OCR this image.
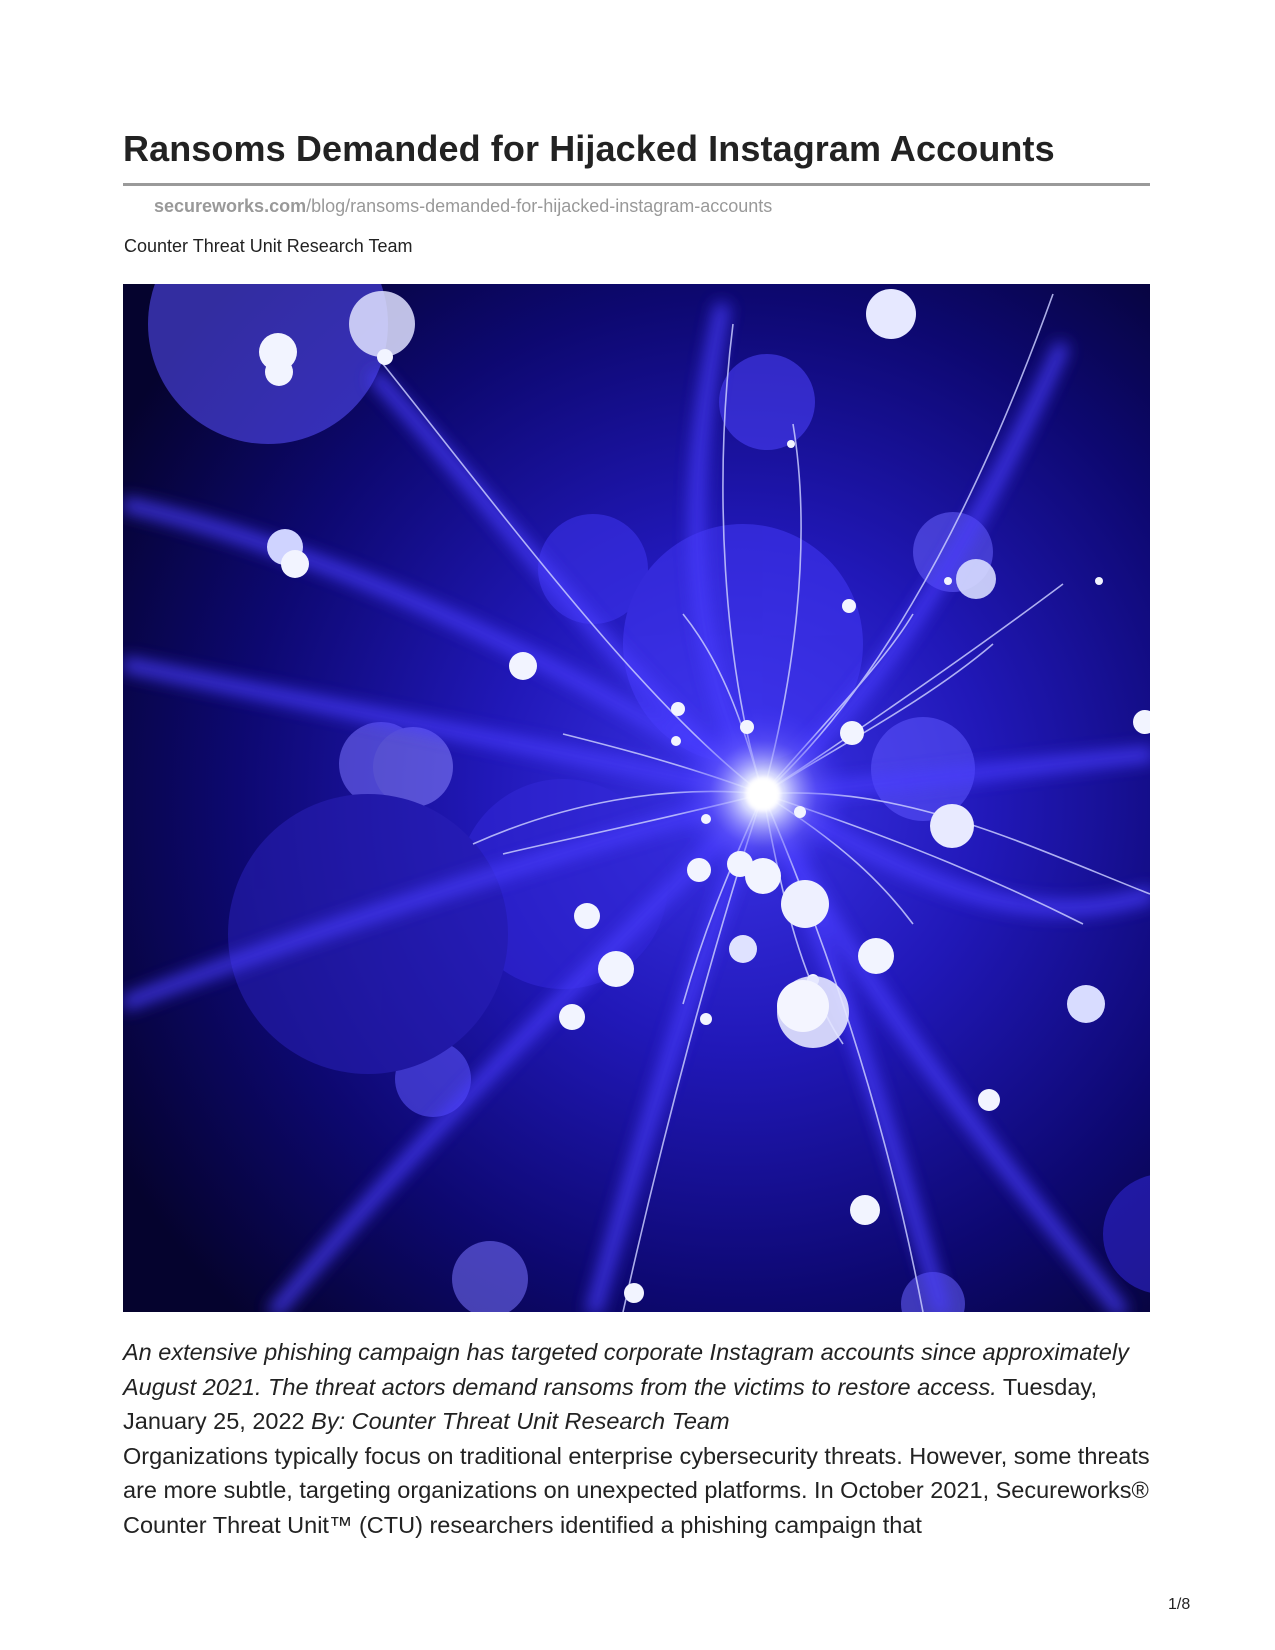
Ransoms Demanded for Hijacked Instagram Accounts
secureworks.com/blog/ransoms-demanded-for-hijacked-instagram-accounts
Counter Threat Unit Research Team
An extensive phishing campaign has targeted corporate Instagram accounts since approximately August 2021. The threat actors demand ransoms from the victims to restore access. Tuesday, January 25, 2022 By: Counter Threat Unit Research Team
Organizations typically focus on traditional enterprise cybersecurity threats. However, some threats are more subtle, targeting organizations on unexpected platforms. In October 2021, Secureworks® Counter Threat Unit™ (CTU) researchers identified a phishing campaign that
1/8
